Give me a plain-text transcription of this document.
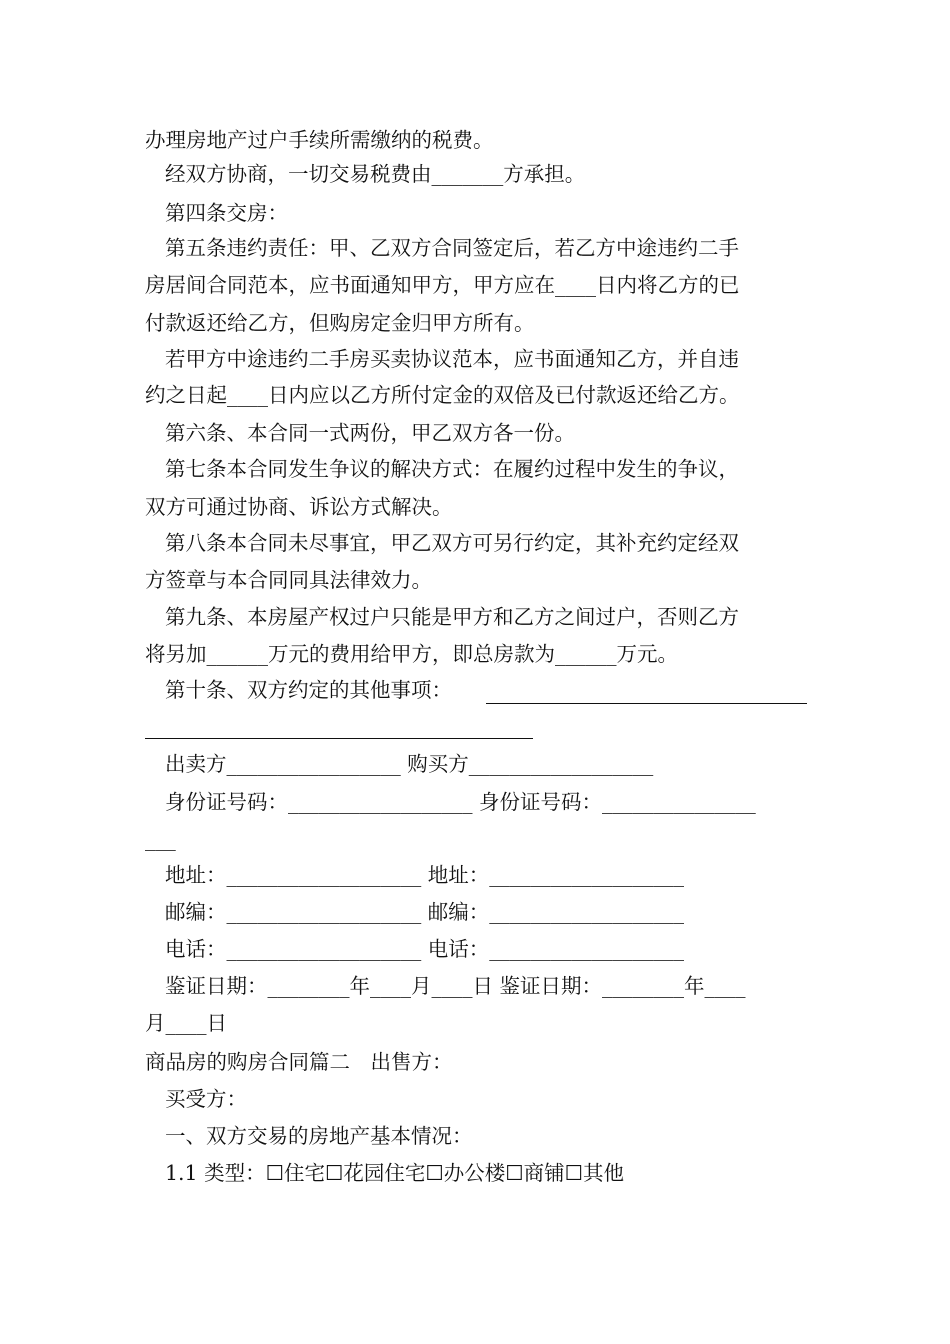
办理房地产过户手续所需缴纳的税费。
经双方协商，一切交易税费由_______方承担。
第四条交房：
第五条违约责任：甲、乙双方合同签定后，若乙方中途违约二手
房居间合同范本，应书面通知甲方，甲方应在____日内将乙方的已
付款返还给乙方，但购房定金归甲方所有。
若甲方中途违约二手房买卖协议范本，应书面通知乙方，并自违
约之日起____日内应以乙方所付定金的双倍及已付款返还给乙方。
第六条、本合同一式两份，甲乙双方各一份。
第七条本合同发生争议的解决方式：在履约过程中发生的争议，
双方可通过协商、诉讼方式解决。
第八条本合同未尽事宜，甲乙双方可另行约定，其补充约定经双
方签章与本合同同具法律效力。
第九条、本房屋产权过户只能是甲方和乙方之间过户，否则乙方
将另加______万元的费用给甲方，即总房款为______万元。
第十条、双方约定的其他事项：
出卖方_________________ 购买方__________________
身份证号码：__________________ 身份证号码：_______________
___
地址：___________________ 地址：___________________
邮编：___________________ 邮编：___________________
电话：___________________ 电话：___________________
鉴证日期：________年____月____日 鉴证日期：________年____
月____日
商品房的购房合同篇二　出售方：
买受方：
一、双方交易的房地产基本情况：
1.1 类型：☐住宅☐花园住宅☐办公楼☐商铺☐其他
